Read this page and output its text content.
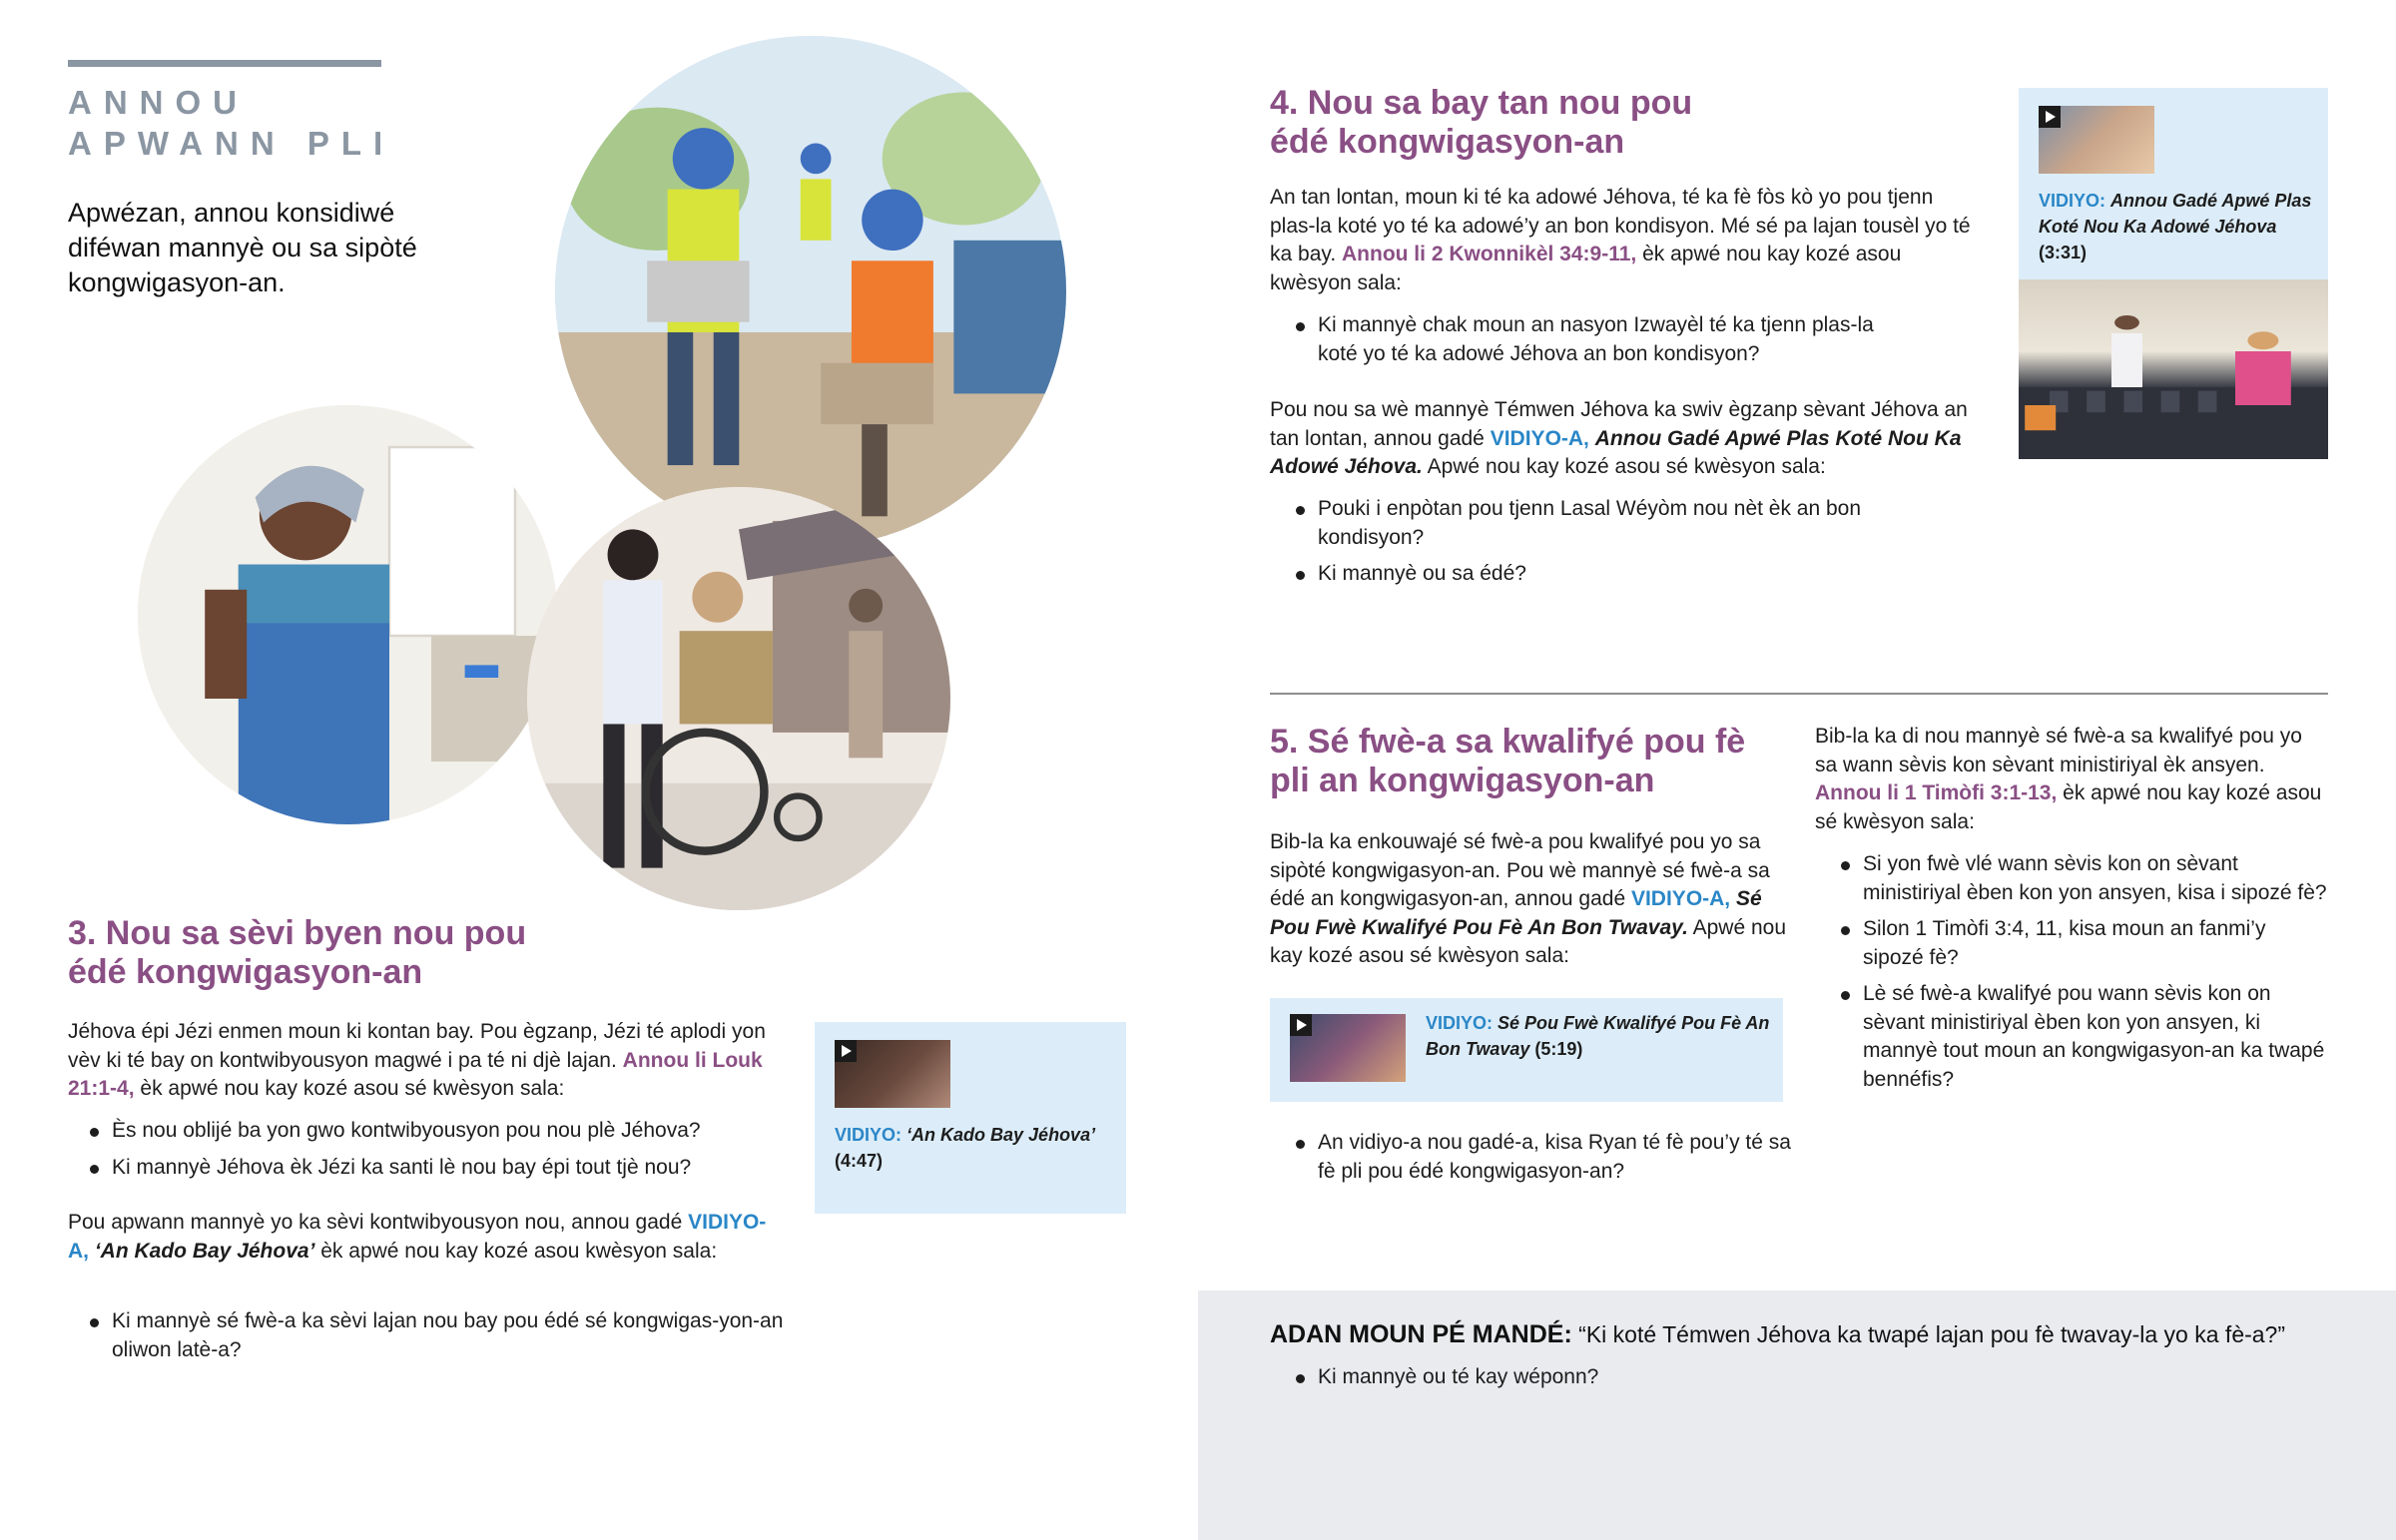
ANNOU
APWANN PLI

Apwézan, annou konsidiwé diféwan mannyè ou sa sipòté kongwigasyon-an.

3. Nou sa sèvi byen nou pou
édé kongwigasyon-an

Jéhova épi Jézi enmen moun ki kontan bay. Pou ègzanp, Jézi té aplodi yon vèv ki té bay on kontwibyousyon magwé i pa té ni djè lajan. Annou li Louk 21:1-4, èk apwé nou kay kozé asou sé kwèsyon sala:

Ès nou oblijé ba yon gwo kontwibyousyon pou nou plè Jéhova?
Ki mannyè Jéhova èk Jézi ka santi lè nou bay épi tout tjè nou?

Pou apwann mannyè yo ka sèvi kontwibyousyon nou, annou gadé VIDIYO-A, ‘An Kado Bay Jéhova’ èk apwé nou kay kozé asou kwèsyon sala:

Ki mannyè sé fwè-a ka sèvi lajan nou bay pou édé sé kongwigas-yon-an oliwon latè-a?
VIDIYO: ‘An Kado Bay Jéhova’ (4:47)
4. Nou sa bay tan nou pou
édé kongwigasyon-an

An tan lontan, moun ki té ka adowé Jéhova, té ka fè fòs kò yo pou tjenn plas-la koté yo té ka adowé’y an bon kondisyon. Mé sé pa lajan tousèl yo té ka bay. Annou li 2 Kwonnikèl 34:9-11, èk apwé nou kay kozé asou kwèsyon sala:

Ki mannyè chak moun an nasyon Izwayèl té ka tjenn plas-la koté yo té ka adowé Jéhova an bon kondisyon?

Pou nou sa wè mannyè Témwen Jéhova ka swiv ègzanp sèvant Jéhova an tan lontan, annou gadé VIDIYO-A, Annou Gadé Apwé Plas Koté Nou Ka Adowé Jéhova. Apwé nou kay kozé asou sé kwèsyon sala:

Pouki i enpòtan pou tjenn Lasal Wéyòm nou nèt èk an bon kondisyon?
Ki mannyè ou sa édé?
VIDIYO: Annou Gadé Apwé Plas Koté Nou Ka Adowé Jéhova (3:31)
5. Sé fwè-a sa kwalifyé pou fè
pli an kongwigasyon-an

Bib-la ka enkouwajé sé fwè-a pou kwalifyé pou yo sa sipòté kongwigasyon-an. Pou wè mannyè sé fwè-a sa édé an kongwigasyon-an, annou gadé VIDIYO-A, Sé Pou Fwè Kwalifyé Pou Fè An Bon Twavay. Apwé nou kay kozé asou sé kwèsyon sala:

VIDIYO: Sé Pou Fwè Kwalifyé Pou Fè An Bon Twavay (5:19)
An vidiyo-a nou gadé-a, kisa Ryan té fè pou’y té sa fè pli pou édé kongwigasyon-an?

Bib-la ka di nou mannyè sé fwè-a sa kwalifyé pou yo sa wann sèvis kon sèvant ministiriyal èk ansyen. Annou li 1 Timòfi 3:1-13, èk apwé nou kay kozé asou sé kwèsyon sala:

Si yon fwè vlé wann sèvis kon on sèvant ministiriyal èben kon yon ansyen, kisa i sipozé fè?
Silon 1 Timòfi 3:4, 11, kisa moun an fanmi’y sipozé fè?
Lè sé fwè-a kwalifyé pou wann sèvis kon on sèvant ministiriyal èben kon yon ansyen, ki mannyè tout moun an kongwigasyon-an ka twapé bennéfis?

ADAN MOUN PÉ MANDÉ: “Ki koté Témwen Jéhova ka twapé lajan pou fè twavay-la yo ka fè-a?”

Ki mannyè ou té kay wéponn?
